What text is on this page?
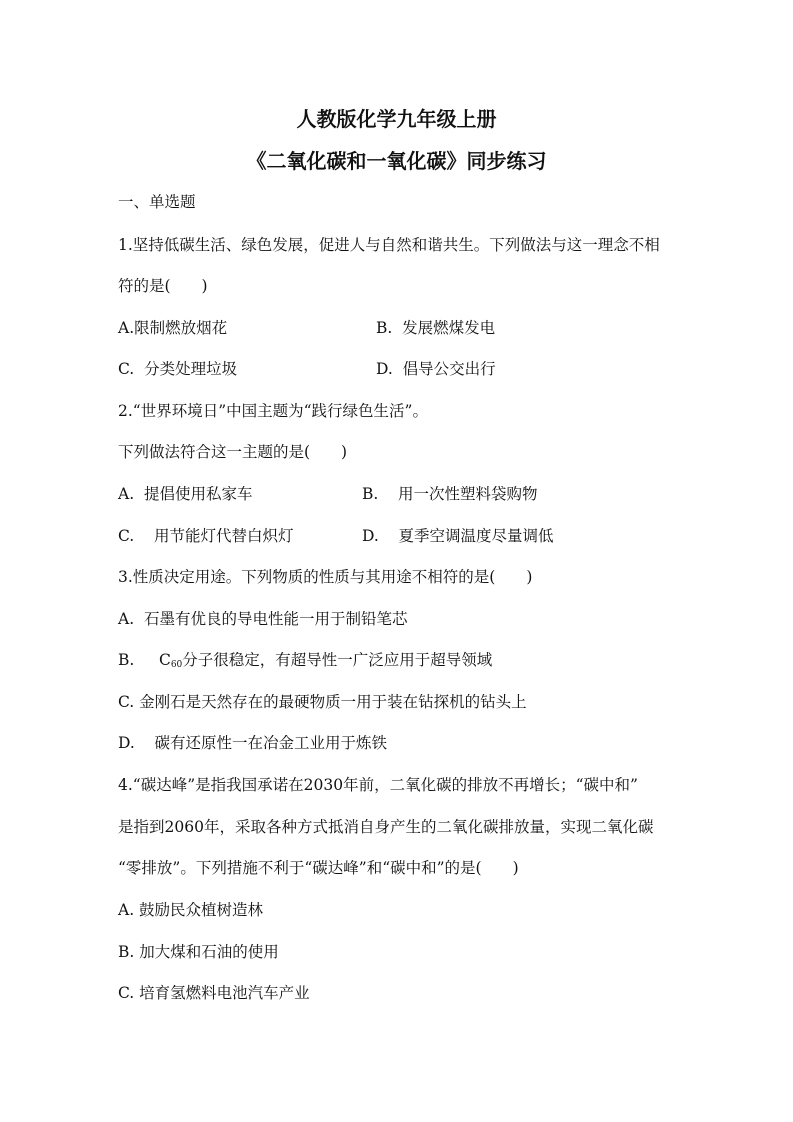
人教版化学九年级上册
《二氧化碳和一氧化碳》同步练习
一、单选题
1.坚持低碳生活、绿色发展，促进人与自然和谐共生。下列做法与这一理念不相
符的是(　　)
A.限制燃放烟花	B.  发展燃煤发电
C.  分类处理垃圾	D.  倡导公交出行
2.“世界环境日”中国主题为“践行绿色生活”。
下列做法符合这一主题的是(　　)
A.  提倡使用私家车	B.    用一次性塑料袋购物
C.    用节能灯代替白炽灯	D.    夏季空调温度尽量调低
3.性质决定用途。下列物质的性质与其用途不相符的是(　　)
A.  石墨有优良的导电性能一用于制铅笔芯
B.     $C_{60}$分子很稳定，有超导性一广泛应用于超导领域
C. 金刚石是天然存在的最硬物质一用于装在钻探机的钻头上
D.    碳有还原性一在冶金工业用于炼铁
4.“碳达峰”是指我国承诺在2030年前，二氧化碳的排放不再增长；“碳中和”
是指到2060年，采取各种方式抵消自身产生的二氧化碳排放量，实现二氧化碳
“零排放”。下列措施不利于“碳达峰”和“碳中和”的是(　　)
A. 鼓励民众植树造林
B. 加大煤和石油的使用
C. 培育氢燃料电池汽车产业
